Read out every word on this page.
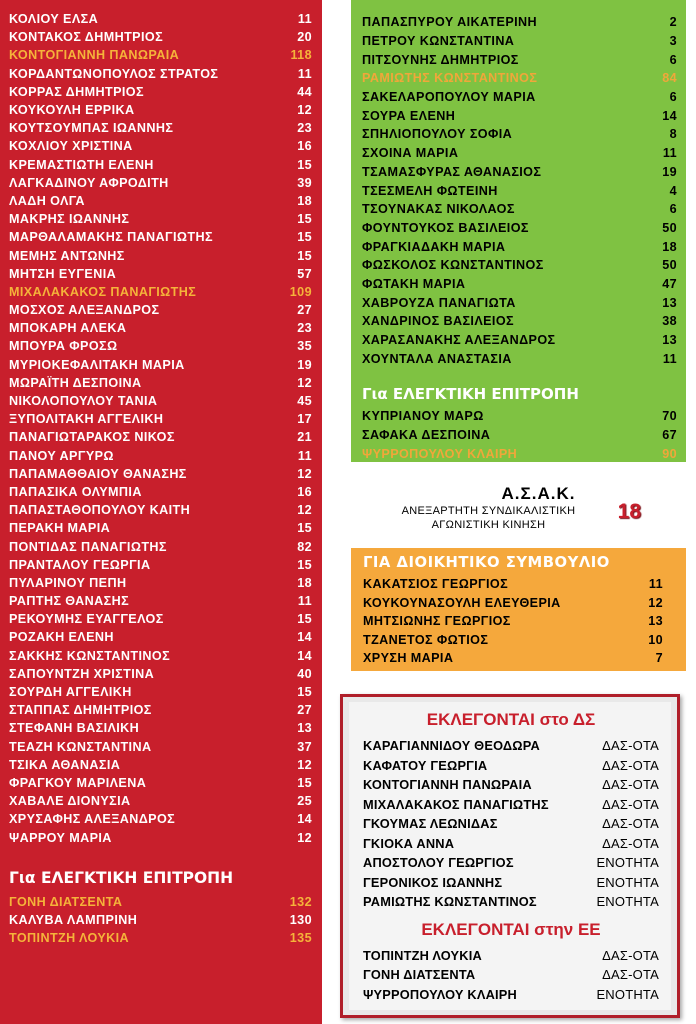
ΚΟΛΙΟΥ ΕΛΣΑ	11
ΚΟΝΤΑΚΟΣ ΔΗΜΗΤΡΙΟΣ	20
ΚΟΝΤΟΓΙΑΝΝΗ ΠΑΝΩΡΑΙΑ	118
ΚΟΡΔΑΝΤΩΝΟΠΟΥΛΟΣ ΣΤΡΑΤΟΣ	11
ΚΟΡΡΑΣ ΔΗΜΗΤΡΙΟΣ	44
ΚΟΥΚΟΥΛΗ ΕΡΡΙΚΑ	12
ΚΟΥΤΣΟΥΜΠΑΣ ΙΩΑΝΝΗΣ	23
ΚΟΧΛΙΟΥ ΧΡΙΣΤΙΝΑ	16
ΚΡΕΜΑΣΤΙΩΤΗ ΕΛΕΝΗ	15
ΛΑΓΚΑΔΙΝΟΥ ΑΦΡΟΔΙΤΗ	39
ΛΑΔΗ ΟΛΓΑ	18
ΜΑΚΡΗΣ ΙΩΑΝΝΗΣ	15
ΜΑΡΘΑΛΑΜΑΚΗΣ ΠΑΝΑΓΙΩΤΗΣ	15
ΜΕΜΗΣ ΑΝΤΩΝΗΣ	15
ΜΗΤΣΗ ΕΥΓΕΝΙΑ	57
ΜΙΧΑΛΑΚΑΚΟΣ ΠΑΝΑΓΙΩΤΗΣ	109
ΜΟΣΧΟΣ ΑΛΕΞΑΝΔΡΟΣ	27
ΜΠΟΚΑΡΗ ΑΛΕΚΑ	23
ΜΠΟΥΡΑ ΦΡΟΣΩ	35
ΜΥΡΙΟΚΕΦΑΛΙΤΑΚΗ ΜΑΡΙΑ	19
ΜΩΡΑΪΤΗ ΔΕΣΠΟΙΝΑ	12
ΝΙΚΟΛΟΠΟΥΛΟΥ ΤΑΝΙΑ	45
ΞΥΠΟΛΙΤΑΚΗ ΑΓΓΕΛΙΚΗ	17
ΠΑΝΑΓΙΩΤΑΡΑΚΟΣ ΝΙΚΟΣ	21
ΠΑΝΟΥ ΑΡΓΥΡΩ	11
ΠΑΠΑΜΑΘΘΑΙΟΥ ΘΑΝΑΣΗΣ	12
ΠΑΠΑΣΙΚΑ ΟΛΥΜΠΙΑ	16
ΠΑΠΑΣΤΑΘΟΠΟΥΛΟΥ ΚΑΙΤΗ	12
ΠΕΡΑΚΗ ΜΑΡΙΑ	15
ΠΟΝΤΙΔΑΣ ΠΑΝΑΓΙΩΤΗΣ	82
ΠΡΑΝΤΑΛΟΥ ΓΕΩΡΓΙΑ	15
ΠΥΛΑΡΙΝΟΥ ΠΕΠΗ	18
ΡΑΠΤΗΣ ΘΑΝΑΣΗΣ	11
ΡΕΚΟΥΜΗΣ ΕΥΑΓΓΕΛΟΣ	15
ΡΟΖΑΚΗ ΕΛΕΝΗ	14
ΣΑΚΚΗΣ ΚΩΝΣΤΑΝΤΙΝΟΣ	14
ΣΑΠΟΥΝΤΖΗ ΧΡΙΣΤΙΝΑ	40
ΣΟΥΡΔΗ ΑΓΓΕΛΙΚΗ	15
ΣΤΑΠΠΑΣ ΔΗΜΗΤΡΙΟΣ	27
ΣΤΕΦΑΝΗ ΒΑΣΙΛΙΚΗ	13
ΤΕΑΖΗ ΚΩΝΣΤΑΝΤΙΝΑ	37
ΤΣΙΚΑ ΑΘΑΝΑΣΙΑ	12
ΦΡΑΓΚΟΥ ΜΑΡΙΛΕΝΑ	15
ΧΑΒΑΛΕ ΔΙΟΝΥΣΙΑ	25
ΧΡΥΣΑΦΗΣ ΑΛΕΞΑΝΔΡΟΣ	14
ΨΑΡΡΟΥ ΜΑΡΙΑ	12
Για ΕΛΕΓΚΤΙΚΗ ΕΠΙΤΡΟΠΗ
ΓΟΝΗ ΔΙΑΤΣΕΝΤΑ	132
ΚΑΛΥΒΑ ΛΑΜΠΡΙΝΗ	130
ΤΟΠΙΝΤΖΗ ΛΟΥΚΙΑ	135
ΠΑΠΑΣΠΥΡΟΥ ΑΙΚΑΤΕΡΙΝΗ	2
ΠΕΤΡΟΥ ΚΩΝΣΤΑΝΤΙΝΑ	3
ΠΙΤΣΟΥΝΗΣ ΔΗΜΗΤΡΙΟΣ	6
ΡΑΜΙΩΤΗΣ ΚΩΝΣΤΑΝΤΙΝΟΣ	84
ΣΑΚΕΛΑΡΟΠΟΥΛΟΥ ΜΑΡΙΑ	6
ΣΟΥΡΑ ΕΛΕΝΗ	14
ΣΠΗΛΙΟΠΟΥΛΟΥ ΣΟΦΙΑ	8
ΣΧΟΙΝΑ ΜΑΡΙΑ	11
ΤΣΑΜΑΣΦΥΡΑΣ ΑΘΑΝΑΣΙΟΣ	19
ΤΣΕΣΜΕΛΗ ΦΩΤΕΙΝΗ	4
ΤΣΟΥΝΑΚΑΣ ΝΙΚΟΛΑΟΣ	6
ΦΟΥΝΤΟΥΚΟΣ ΒΑΣΙΛΕΙΟΣ	50
ΦΡΑΓΚΙΑΔΑΚΗ ΜΑΡΙΑ	18
ΦΩΣΚΟΛΟΣ ΚΩΝΣΤΑΝΤΙΝΟΣ	50
ΦΩΤΑΚΗ ΜΑΡΙΑ	47
ΧΑΒΡΟΥΖΑ ΠΑΝΑΓΙΩΤΑ	13
ΧΑΝΔΡΙΝΟΣ ΒΑΣΙΛΕΙΟΣ	38
ΧΑΡΑΣΑΝΑΚΗΣ ΑΛΕΞΑΝΔΡΟΣ	13
ΧΟΥΝΤΑΛΑ ΑΝΑΣΤΑΣΙΑ	11
Για ΕΛΕΓΚΤΙΚΗ ΕΠΙΤΡΟΠΗ
ΚΥΠΡΙΑΝΟΥ ΜΑΡΩ	70
ΣΑΦΑΚΑ ΔΕΣΠΟΙΝΑ	67
ΨΥΡΡΟΠΟΥΛΟΥ ΚΛΑΙΡΗ	90
Α.Σ.Α.Κ.
ΑΝΕΞΑΡΤΗΤΗ ΣΥΝΔΙΚΑΛΙΣΤΙΚΗ
ΑΓΩΝΙΣΤΙΚΗ ΚΙΝΗΣΗ
18
ΓΙΑ ΔΙΟΙΚΗΤΙΚΟ ΣΥΜΒΟΥΛΙΟ
ΚΑΚΑΤΣΙΟΣ ΓΕΩΡΓΙΟΣ	11
ΚΟΥΚΟΥΝΑΣΟΥΛΗ ΕΛΕΥΘΕΡΙΑ	12
ΜΗΤΣΙΩΝΗΣ ΓΕΩΡΓΙΟΣ	13
ΤΖΑΝΕΤΟΣ ΦΩΤΙΟΣ	10
ΧΡΥΣΗ ΜΑΡΙΑ	7
ΕΚΛΕΓΟΝΤΑΙ στο ΔΣ
ΚΑΡΑΓΙΑΝΝΙΔΟΥ ΘΕΟΔΩΡΑ	ΔΑΣ-ΟΤΑ
ΚΑΦΑΤΟΥ ΓΕΩΡΓΙΑ	ΔΑΣ-ΟΤΑ
ΚΟΝΤΟΓΙΑΝΝΗ ΠΑΝΩΡΑΙΑ	ΔΑΣ-ΟΤΑ
ΜΙΧΑΛΑΚΑΚΟΣ ΠΑΝΑΓΙΩΤΗΣ	ΔΑΣ-ΟΤΑ
ΓΚΟΥΜΑΣ ΛΕΩΝΙΔΑΣ	ΔΑΣ-ΟΤΑ
ΓΚΙΟΚΑ ΑΝΝΑ	ΔΑΣ-ΟΤΑ
ΑΠΟΣΤΟΛΟΥ ΓΕΩΡΓΙΟΣ	ΕΝΟΤΗΤΑ
ΓΕΡΟΝΙΚΟΣ ΙΩΑΝΝΗΣ	ΕΝΟΤΗΤΑ
ΡΑΜΙΩΤΗΣ ΚΩΝΣΤΑΝΤΙΝΟΣ	ΕΝΟΤΗΤΑ
ΕΚΛΕΓΟΝΤΑΙ στην ΕΕ
ΤΟΠΙΝΤΖΗ ΛΟΥΚΙΑ	ΔΑΣ-ΟΤΑ
ΓΟΝΗ ΔΙΑΤΣΕΝΤΑ	ΔΑΣ-ΟΤΑ
ΨΥΡΡΟΠΟΥΛΟΥ ΚΛΑΙΡΗ	ΕΝΟΤΗΤΑ
